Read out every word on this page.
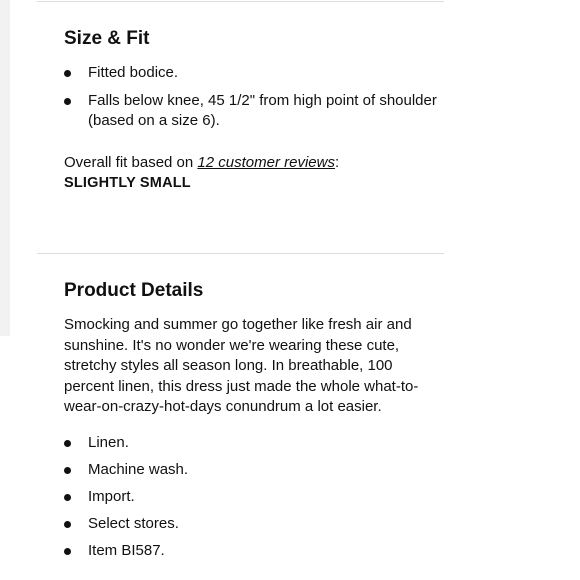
Size & Fit
Fitted bodice.
Falls below knee, 45 1/2" from high point of shoulder (based on a size 6).
Overall fit based on 12 customer reviews:
SLIGHTLY SMALL
Product Details

Smocking and summer go together like fresh air and sunshine. It's no wonder we're wearing these cute, stretchy styles all season long. In breathable, 100 percent linen, this dress just made the whole what-to-wear-on-crazy-hot-days conundrum a lot easier.

Linen.
Machine wash.
Import.
Select stores.
Item BI587.
